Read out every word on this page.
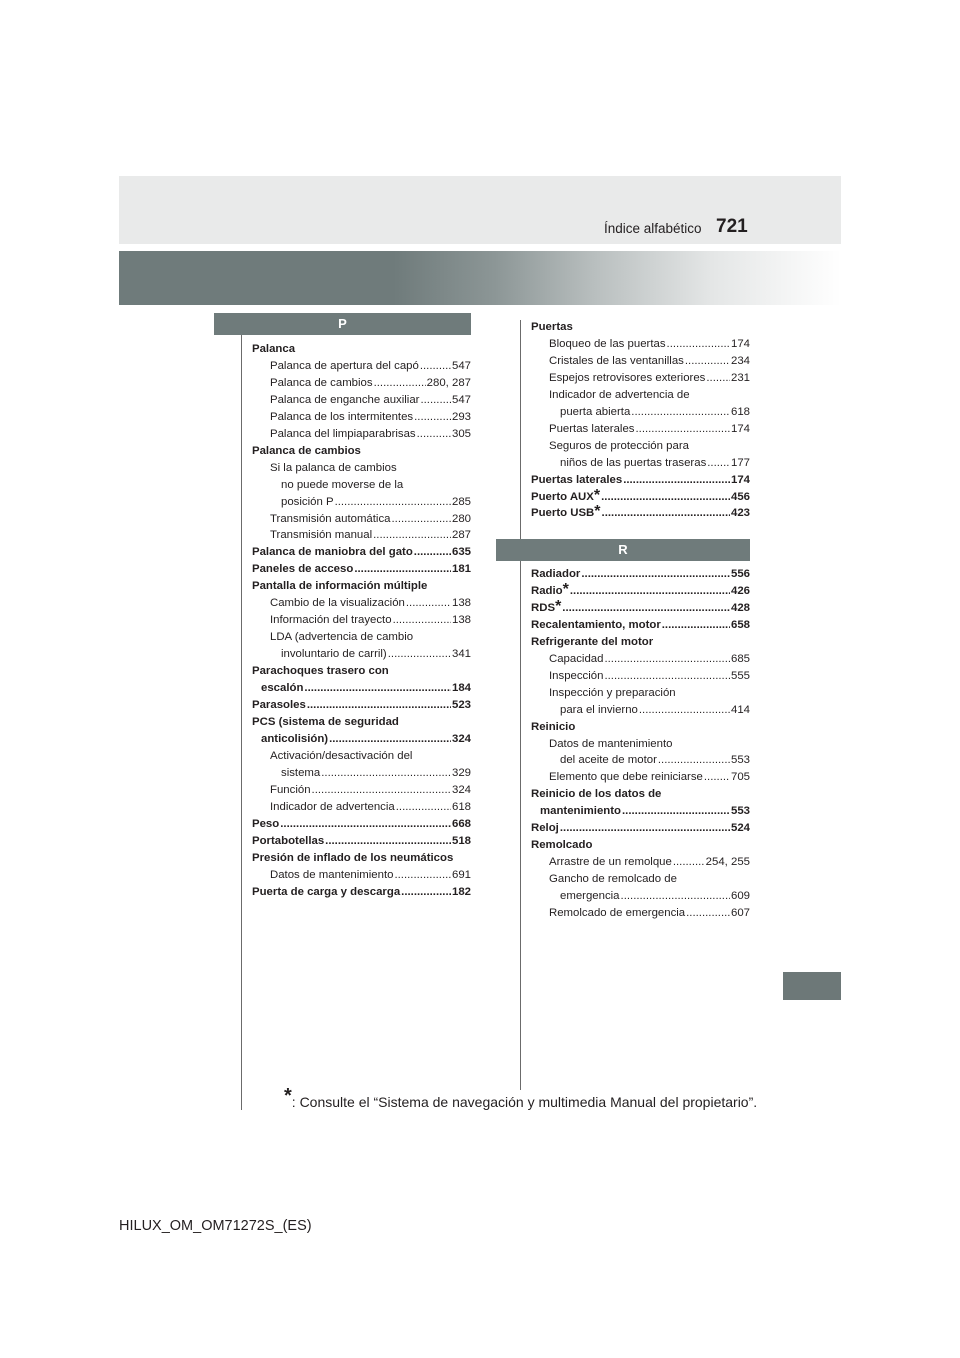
Índice alfabético 721
P
R
Palanca
Palanca de apertura del capó .....	547
Palanca de cambios .....	280, 287
Palanca de enganche auxiliar .....	547
Palanca de los intermitentes .....	293
Palanca del limpiaparabrisas .....	305
Palanca de cambios
Si la palanca de cambios
no puede moverse de la
posición P .....	285
Transmisión automática .....	280
Transmisión manual .....	287
Palanca de maniobra del gato .....	635
Paneles de acceso .....	181
Pantalla de información múltiple
Cambio de la visualización .....	138
Información del trayecto .....	138
LDA (advertencia de cambio
involuntario de carril) .....	341
Parachoques trasero con
escalón .....	184
Parasoles .....	523
PCS (sistema de seguridad
anticolisión) .....	324
Activación/desactivación del
sistema .....	329
Función .....	324
Indicador de advertencia .....	618
Peso .....	668
Portabotellas .....	518
Presión de inflado de los neumáticos
Datos de mantenimiento .....	691
Puerta de carga y descarga .....	182
Puertas
Bloqueo de las puertas .....	174
Cristales de las ventanillas .....	234
Espejos retrovisores exteriores ..... 231
Indicador de advertencia de
puerta abierta .....	618
Puertas laterales .....	174
Seguros de protección para
niños de las puertas traseras ..... 177
Puertas laterales .....	174
Puerto AUX * .....	456
Puerto USB * .....	423
Radiador .....	556
Radio * .....	426
RDS * .....	428
Recalentamiento, motor .....	658
Refrigerante del motor
Capacidad .....	685
Inspección .....	555
Inspección y preparación
para el invierno .....	414
Reinicio
Datos de mantenimiento
del aceite de motor .....	553
Elemento que debe reiniciarse ..... 705
Reinicio de los datos de
mantenimiento .....	553
Reloj .....	524
Remolcado
Arrastre de un remolque .....	254, 255
Gancho de remolcado de
emergencia .....	609
Remolcado de emergencia .....	607
*: Consulte el “Sistema de navegación y multimedia Manual del propietario”.
HILUX_OM_OM71272S_(ES)
